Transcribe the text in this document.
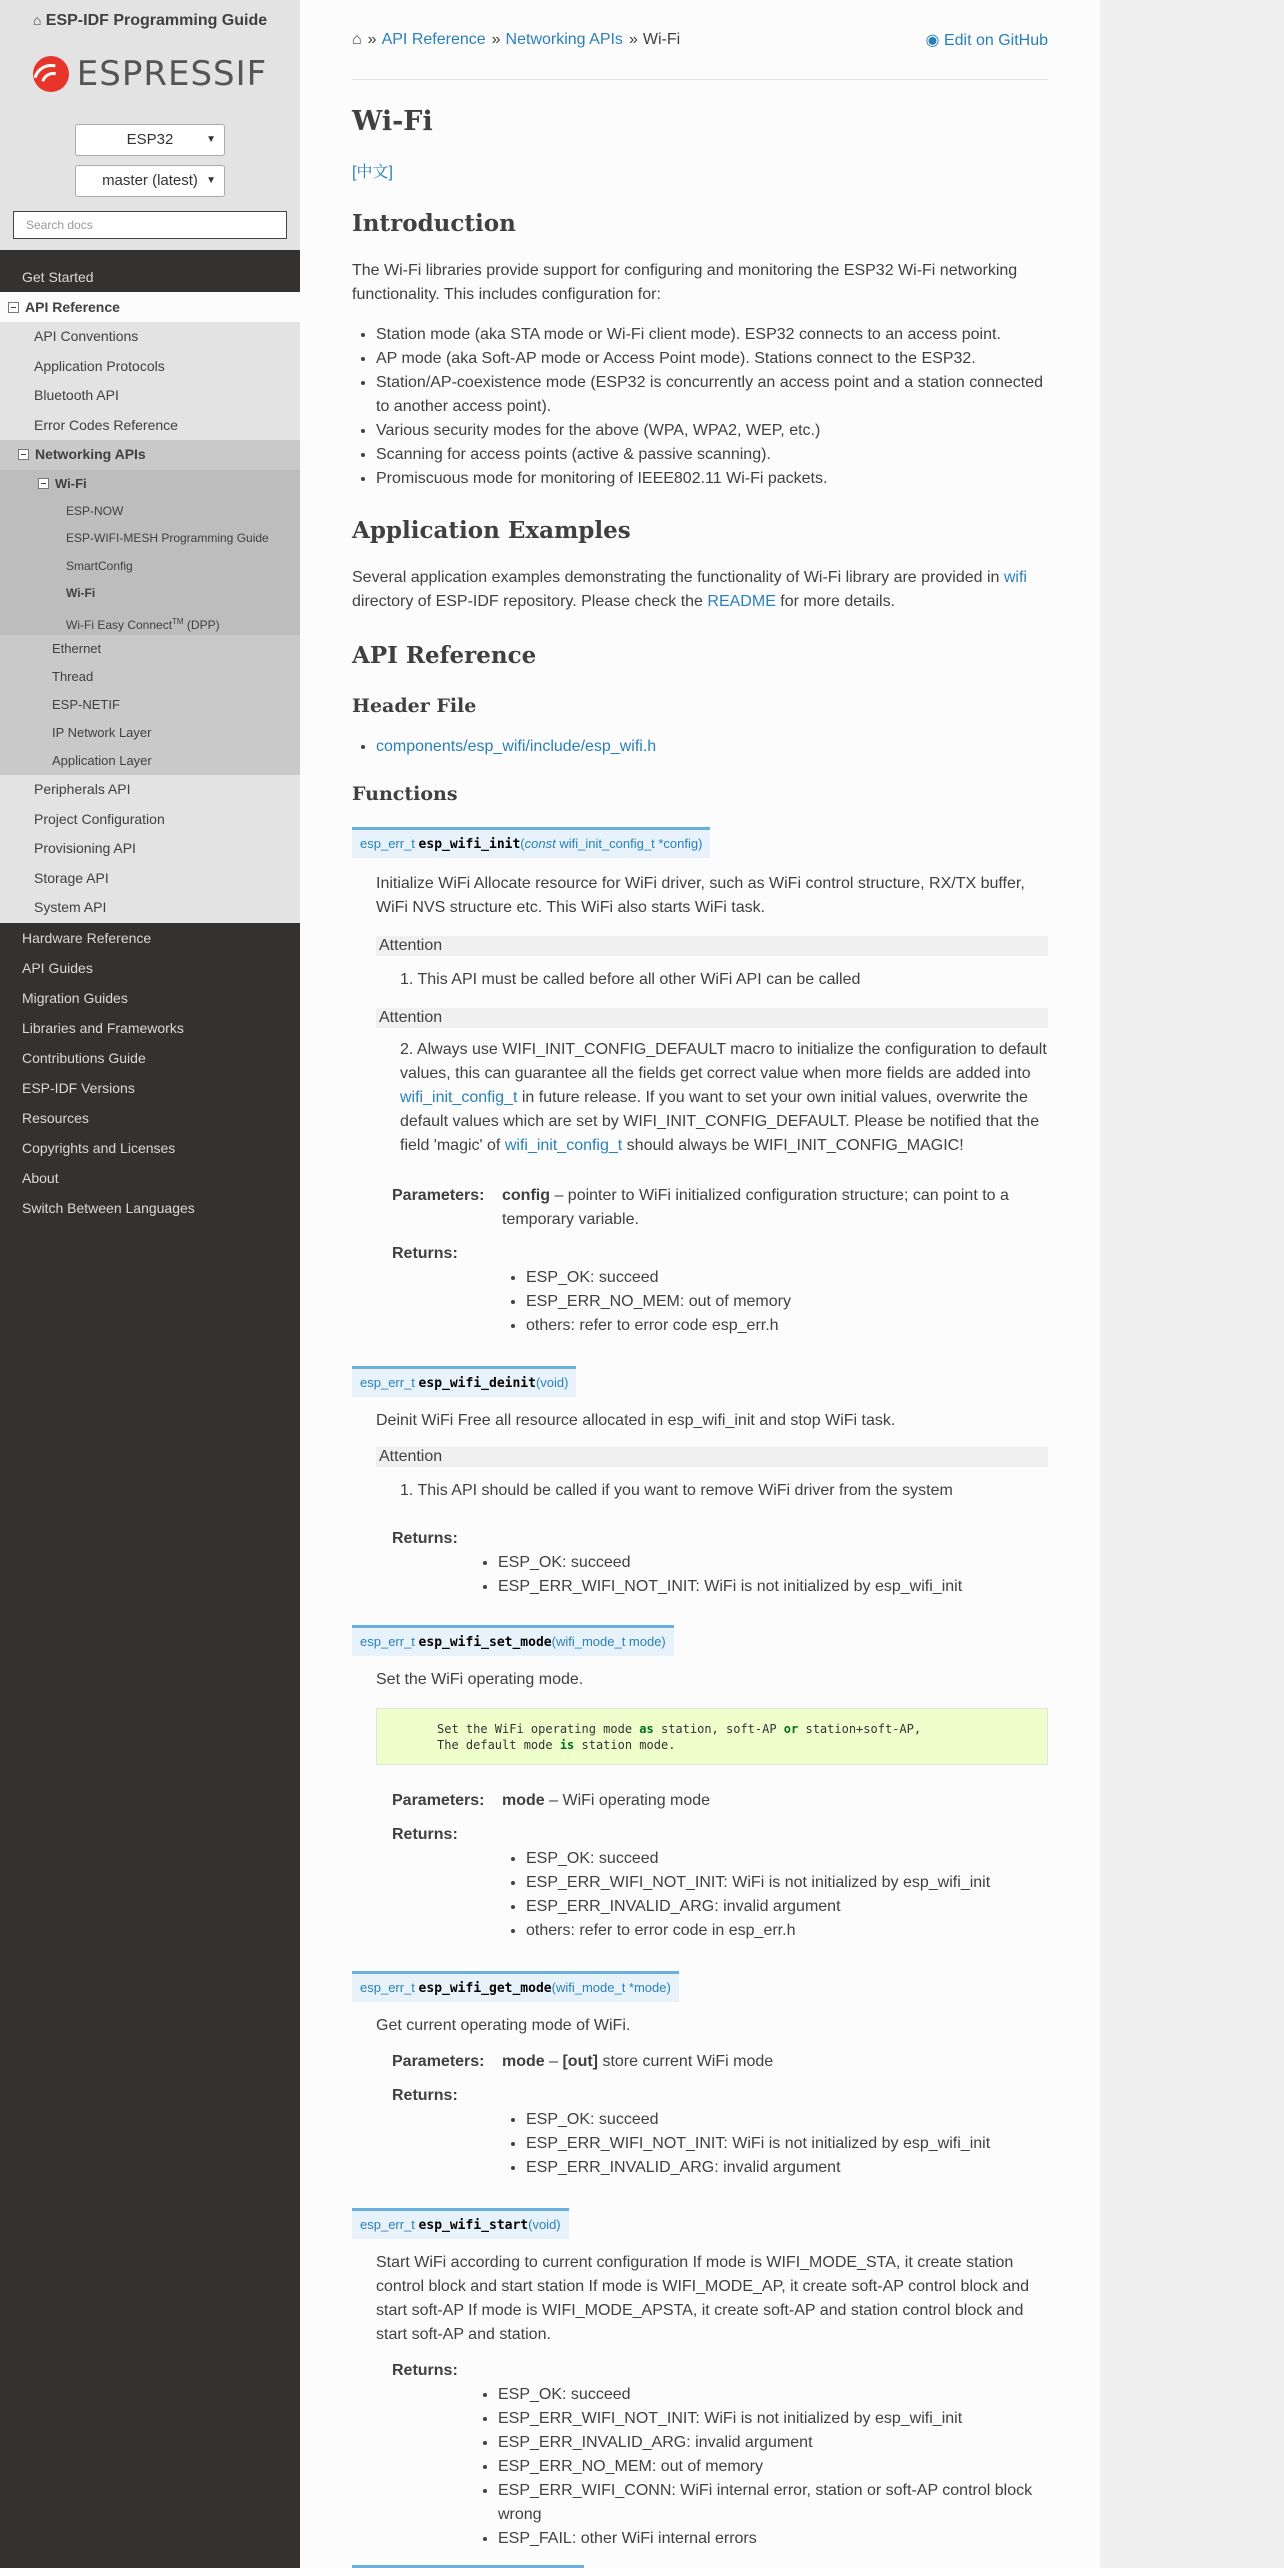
⌂ ESP-IDF Programming Guide
ESPRESSIF
ESP32	▼
master (latest) ▼
Search docs
Get Started
API Reference
API Conventions
Application Protocols
Bluetooth API
Error Codes Reference
Networking APIs
Wi-Fi
ESP-NOW
ESP-WIFI-MESH Programming Guide
SmartConfig
Wi-Fi
Wi-Fi Easy Connect™ (DPP)
Ethernet
Thread
ESP-NETIF
IP Network Layer
Application Layer
Peripherals API
Project Configuration
Provisioning API
Storage API
System API
Hardware Reference
API Guides
Migration Guides
Libraries and Frameworks
Contributions Guide
ESP-IDF Versions
Resources
Copyrights and Licenses
About
Switch Between Languages
⌂ » API Reference » Networking APIs » Wi-Fi	◉ Edit on GitHub
Wi-Fi
[中文]
Introduction

The Wi-Fi libraries provide support for configuring and monitoring the ESP32 Wi-Fi networking functionality. This includes configuration for:

• Station mode (aka STA mode or Wi-Fi client mode). ESP32 connects to an access point.
• AP mode (aka Soft-AP mode or Access Point mode). Stations connect to the ESP32.
• Station/AP-coexistence mode (ESP32 is concurrently an access point and a station connected to another access point).
• Various security modes for the above (WPA, WPA2, WEP, etc.)
• Scanning for access points (active & passive scanning).
• Promiscuous mode for monitoring of IEEE802.11 Wi-Fi packets.
Application Examples

Several application examples demonstrating the functionality of Wi-Fi library are provided in wifi directory of ESP-IDF repository. Please check the README for more details.

API Reference
Header File
• components/esp_wifi/include/esp_wifi.h
Functions
esp_err_t esp_wifi_init(const wifi_init_config_t *config)

Initialize WiFi Allocate resource for WiFi driver, such as WiFi control structure, RX/TX buffer, WiFi NVS structure etc. This WiFi also starts WiFi task.

Attention
1. This API must be called before all other WiFi API can be called
Attention
2. Always use WIFI_INIT_CONFIG_DEFAULT macro to initialize the configuration to default values, this can guarantee all the fields get correct value when more fields are added into wifi_init_config_t in future release. If you want to set your own initial values, overwrite the default values which are set by WIFI_INIT_CONFIG_DEFAULT. Please be notified that the field 'magic' of wifi_init_config_t should always be WIFI_INIT_CONFIG_MAGIC!
Parameters:	config – pointer to WiFi initialized configuration structure; can point to a temporary variable.
Returns:
• ESP_OK: succeed
• ESP_ERR_NO_MEM: out of memory
• others: refer to error code esp_err.h
esp_err_t esp_wifi_deinit(void)

Deinit WiFi Free all resource allocated in esp_wifi_init and stop WiFi task.

Attention
1. This API should be called if you want to remove WiFi driver from the system
Returns:
• ESP_OK: succeed
• ESP_ERR_WIFI_NOT_INIT: WiFi is not initialized by esp_wifi_init
esp_err_t esp_wifi_set_mode(wifi_mode_t mode)

Set the WiFi operating mode.

Set the WiFi operating mode as station, soft-AP or station+soft-AP,
The default mode is station mode.
Parameters:	mode – WiFi operating mode
Returns:
• ESP_OK: succeed
• ESP_ERR_WIFI_NOT_INIT: WiFi is not initialized by esp_wifi_init
• ESP_ERR_INVALID_ARG: invalid argument
• others: refer to error code in esp_err.h
esp_err_t esp_wifi_get_mode(wifi_mode_t *mode)

Get current operating mode of WiFi.

Parameters:	mode – [out] store current WiFi mode
Returns:
• ESP_OK: succeed
• ESP_ERR_WIFI_NOT_INIT: WiFi is not initialized by esp_wifi_init
• ESP_ERR_INVALID_ARG: invalid argument
esp_err_t esp_wifi_start(void)

Start WiFi according to current configuration If mode is WIFI_MODE_STA, it create station control block and start station If mode is WIFI_MODE_AP, it create soft-AP control block and start soft-AP If mode is WIFI_MODE_APSTA, it create soft-AP and station control block and start soft-AP and station.

Returns:
• ESP_OK: succeed
• ESP_ERR_WIFI_NOT_INIT: WiFi is not initialized by esp_wifi_init
• ESP_ERR_INVALID_ARG: invalid argument
• ESP_ERR_NO_MEM: out of memory
• ESP_ERR_WIFI_CONN: WiFi internal error, station or soft-AP control block wrong
• ESP_FAIL: other WiFi internal errors
